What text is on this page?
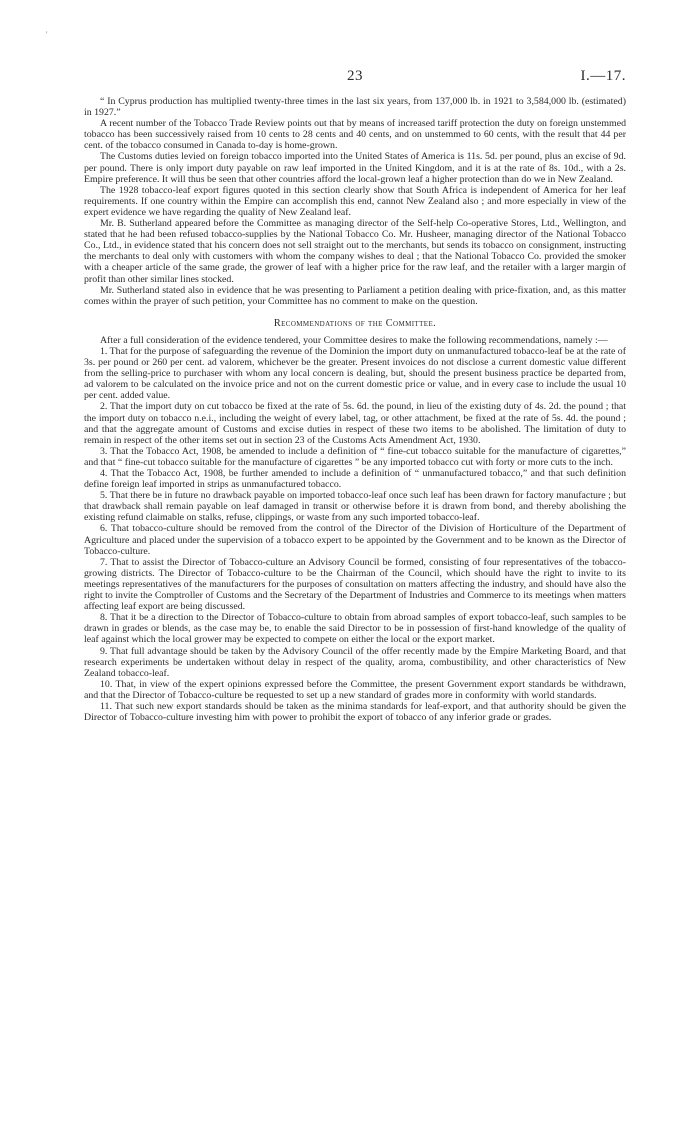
'
23	I.—17.

“ In Cyprus production has multiplied twenty-three times in the last six years, from 137,000 lb. in 1921 to 3,584,000 lb. (estimated) in 1927.”

A recent number of the Tobacco Trade Review points out that by means of increased tariff protection the duty on foreign unstemmed tobacco has been successively raised from 10 cents to 28 cents and 40 cents, and on unstemmed to 60 cents, with the result that 44 per cent. of the tobacco consumed in Canada to-day is home-grown.

The Customs duties levied on foreign tobacco imported into the United States of America is 11s. 5d. per pound, plus an excise of 9d. per pound. There is only import duty payable on raw leaf imported in the United Kingdom, and it is at the rate of 8s. 10d., with a 2s. Empire preference. It will thus be seen that other countries afford the local-grown leaf a higher protection than do we in New Zealand.

The 1928 tobacco-leaf export figures quoted in this section clearly show that South Africa is independent of America for her leaf requirements. If one country within the Empire can accomplish this end, cannot New Zealand also ; and more especially in view of the expert evidence we have regarding the quality of New Zealand leaf.

Mr. B. Sutherland appeared before the Committee as managing director of the Self-help Co-operative Stores, Ltd., Wellington, and stated that he had been refused tobacco-supplies by the National Tobacco Co. Mr. Husheer, managing director of the National Tobacco Co., Ltd., in evidence stated that his concern does not sell straight out to the merchants, but sends its tobacco on consignment, instructing the merchants to deal only with customers with whom the company wishes to deal ; that the National Tobacco Co. provided the smoker with a cheaper article of the same grade, the grower of leaf with a higher price for the raw leaf, and the retailer with a larger margin of profit than other similar lines stocked.

Mr. Sutherland stated also in evidence that he was presenting to Parliament a petition dealing with price-fixation, and, as this matter comes within the prayer of such petition, your Committee has no comment to make on the question.

Recommendations of the Committee.

After a full consideration of the evidence tendered, your Committee desires to make the following recommendations, namely :—

1. That for the purpose of safeguarding the revenue of the Dominion the import duty on unmanufactured tobacco-leaf be at the rate of 3s. per pound or 260 per cent. ad valorem, whichever be the greater. Present invoices do not disclose a current domestic value different from the selling-price to purchaser with whom any local concern is dealing, but, should the present business practice be departed from, ad valorem to be calculated on the invoice price and not on the current domestic price or value, and in every case to include the usual 10 per cent. added value.

2. That the import duty on cut tobacco be fixed at the rate of 5s. 6d. the pound, in lieu of the existing duty of 4s. 2d. the pound ; that the import duty on tobacco n.e.i., including the weight of every label, tag, or other attachment, be fixed at the rate of 5s. 4d. the pound ; and that the aggregate amount of Customs and excise duties in respect of these two items to be abolished. The limitation of duty to remain in respect of the other items set out in section 23 of the Customs Acts Amendment Act, 1930.

3. That the Tobacco Act, 1908, be amended to include a definition of “ fine-cut tobacco suitable for the manufacture of cigarettes,” and that “ fine-cut tobacco suitable for the manufacture of cigarettes ” be any imported tobacco cut with forty or more cuts to the inch.

4. That the Tobacco Act, 1908, be further amended to include a definition of “ unmanufactured tobacco,” and that such definition define foreign leaf imported in strips as unmanufactured tobacco.

5. That there be in future no drawback payable on imported tobacco-leaf once such leaf has been drawn for factory manufacture ; but that drawback shall remain payable on leaf damaged in transit or otherwise before it is drawn from bond, and thereby abolishing the existing refund claimable on stalks, refuse, clippings, or waste from any such imported tobacco-leaf.

6. That tobacco-culture should be removed from the control of the Director of the Division of Horticulture of the Department of Agriculture and placed under the supervision of a tobacco expert to be appointed by the Government and to be known as the Director of Tobacco-culture.

7. That to assist the Director of Tobacco-culture an Advisory Council be formed, consisting of four representatives of the tobacco-growing districts. The Director of Tobacco-culture to be the Chairman of the Council, which should have the right to invite to its meetings representatives of the manufacturers for the purposes of consultation on matters affecting the industry, and should have also the right to invite the Comptroller of Customs and the Secretary of the Department of Industries and Commerce to its meetings when matters affecting leaf export are being discussed.

8. That it be a direction to the Director of Tobacco-culture to obtain from abroad samples of export tobacco-leaf, such samples to be drawn in grades or blends, as the case may be, to enable the said Director to be in possession of first-hand knowledge of the quality of leaf against which the local grower may be expected to compete on either the local or the export market.

9. That full advantage should be taken by the Advisory Council of the offer recently made by the Empire Marketing Board, and that research experiments be undertaken without delay in respect of the quality, aroma, combustibility, and other characteristics of New Zealand tobacco-leaf.

10. That, in view of the expert opinions expressed before the Committee, the present Government export standards be withdrawn, and that the Director of Tobacco-culture be requested to set up a new standard of grades more in conformity with world standards.

11. That such new export standards should be taken as the minima standards for leaf-export, and that authority should be given the Director of Tobacco-culture investing him with power to prohibit the export of tobacco of any inferior grade or grades.
